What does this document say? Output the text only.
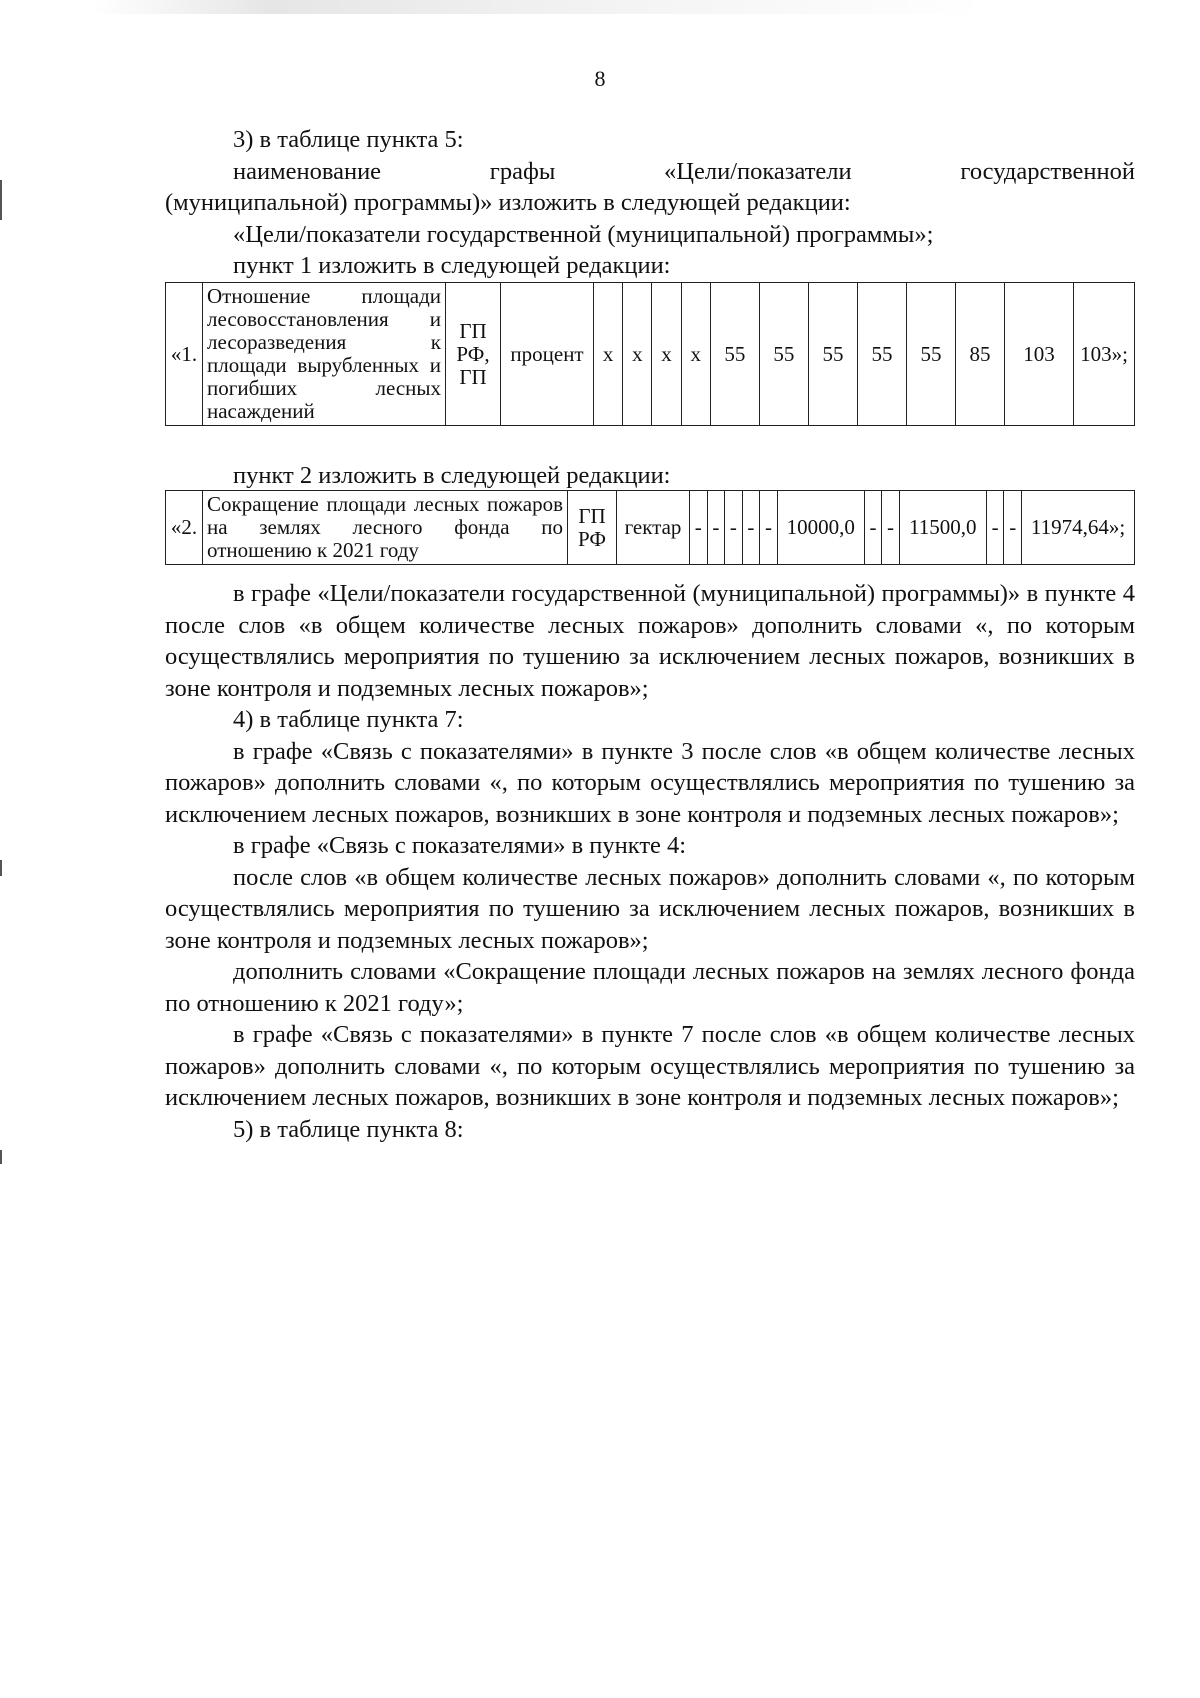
8

3) в таблице пункта 5:

наименование графы «Цели/показатели государственной

(муниципальной) программы)» изложить в следующей редакции:

«Цели/показатели государственной (муниципальной) программы»;

пункт 1 изложить в следующей редакции:

«1.	Отношение площади лесовосстановления и лесоразведения к площади вырубленных и погибших лесных насаждений	ГП РФ, ГП	процент	х	х	х	х	55	55	55	55	55	85	103	103»;
пункт 2 изложить в следующей редакции:
«2.	Сокращение площади лесных пожаров на землях лесного фонда по отношению к 2021 году	ГП РФ	гектар	-	-	-	-	-	10000,0	-	-	11500,0	-	-	11974,64»;

в графе «Цели/показатели государственной (муниципальной) программы)» в пункте 4 после слов «в общем количестве лесных пожаров» дополнить словами «, по которым осуществлялись мероприятия по тушению за исключением лесных пожаров, возникших в зоне контроля и подземных лесных пожаров»;

4) в таблице пункта 7:

в графе «Связь с показателями» в пункте 3 после слов «в общем количестве лесных пожаров» дополнить словами «, по которым осуществлялись мероприятия по тушению за исключением лесных пожаров, возникших в зоне контроля и подземных лесных пожаров»;

в графе «Связь с показателями» в пункте 4:

после слов «в общем количестве лесных пожаров» дополнить словами «, по которым осуществлялись мероприятия по тушению за исключением лесных пожаров, возникших в зоне контроля и подземных лесных пожаров»;

дополнить словами «Сокращение площади лесных пожаров на землях лесного фонда по отношению к 2021 году»;

в графе «Связь с показателями» в пункте 7 после слов «в общем количестве лесных пожаров» дополнить словами «, по которым осуществлялись мероприятия по тушению за исключением лесных пожаров, возникших в зоне контроля и подземных лесных пожаров»;

5) в таблице пункта 8:
